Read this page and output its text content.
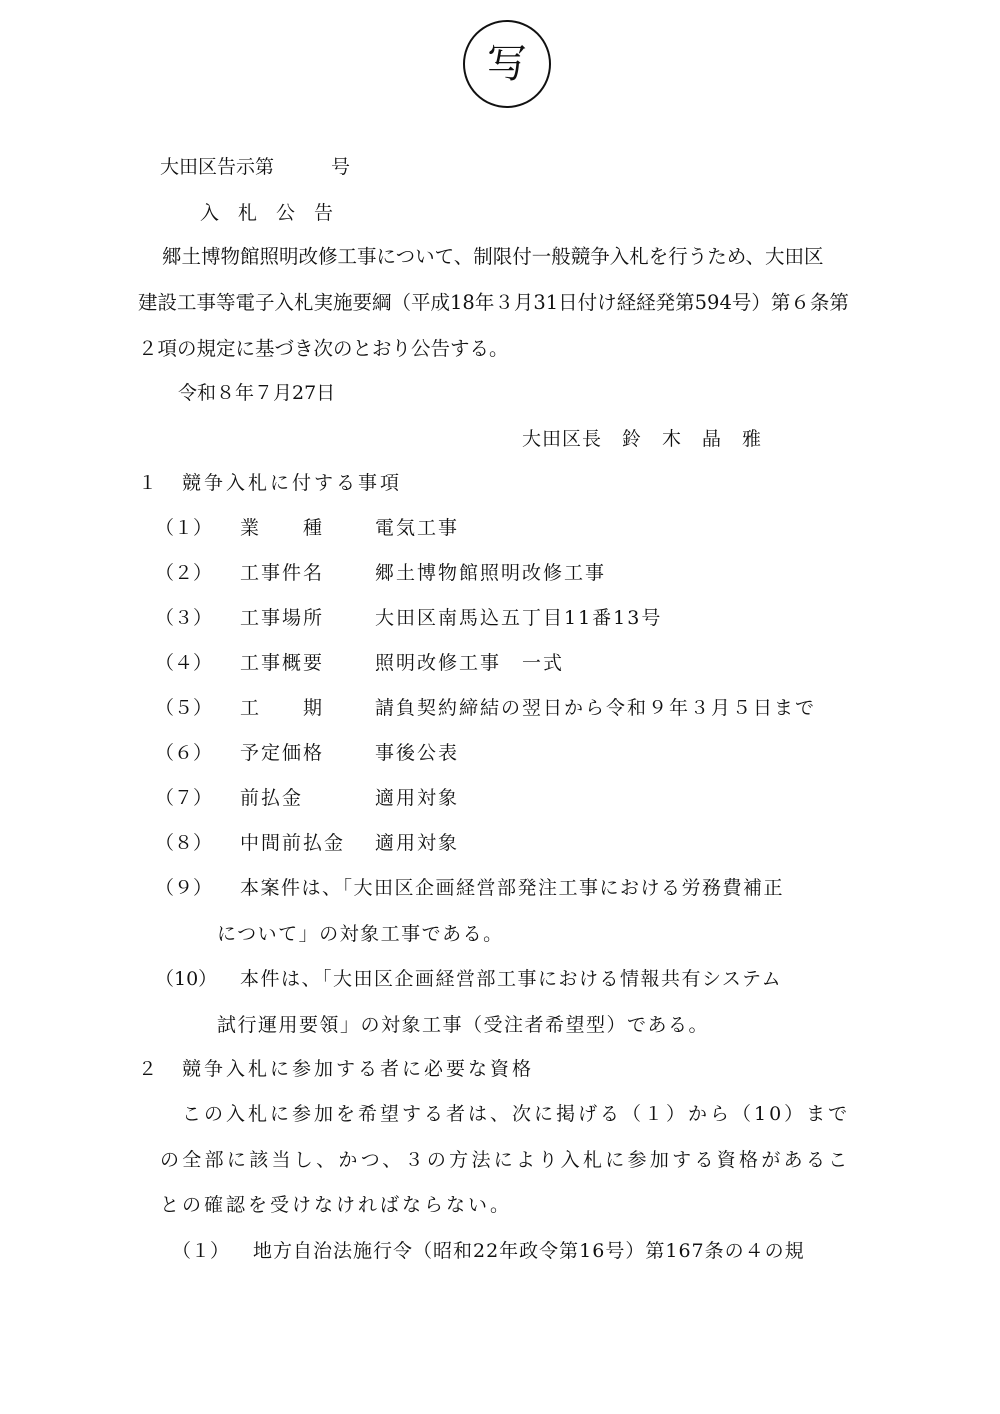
写
大田区告示第　　　号
入札公告
郷土博物館照明改修工事について、制限付一般競争入札を行うため、大田区
建設工事等電子入札実施要綱（平成18年３月31日付け経経発第594号）第６条第
２項の規定に基づき次のとおり公告する。
令和８年７月27日
大田区長　鈴　木　晶　雅
１　競争入札に付する事項
（１） 業　　種	電気工事
（２） 工事件名	郷土博物館照明改修工事
（３） 工事場所	大田区南馬込五丁目11番13号
（４） 工事概要	照明改修工事　一式
（５） 工　　期	請負契約締結の翌日から令和９年３月５日まで
（６） 予定価格	事後公表
（７） 前払金	適用対象
（８） 中間前払金 適用対象
（９） 本案件は、「大田区企画経営部発注工事における労務費補正
について」の対象工事である。
（10） 本件は、「大田区企画経営部工事における情報共有システム
試行運用要領」の対象工事（受注者希望型）である。
２　競争入札に参加する者に必要な資格
この入札に参加を希望する者は、次に掲げる（１）から（10）まで
の全部に該当し、かつ、３の方法により入札に参加する資格があるこ
との確認を受けなければならない。
（１） 地方自治法施行令（昭和22年政令第16号）第167条の４の規
